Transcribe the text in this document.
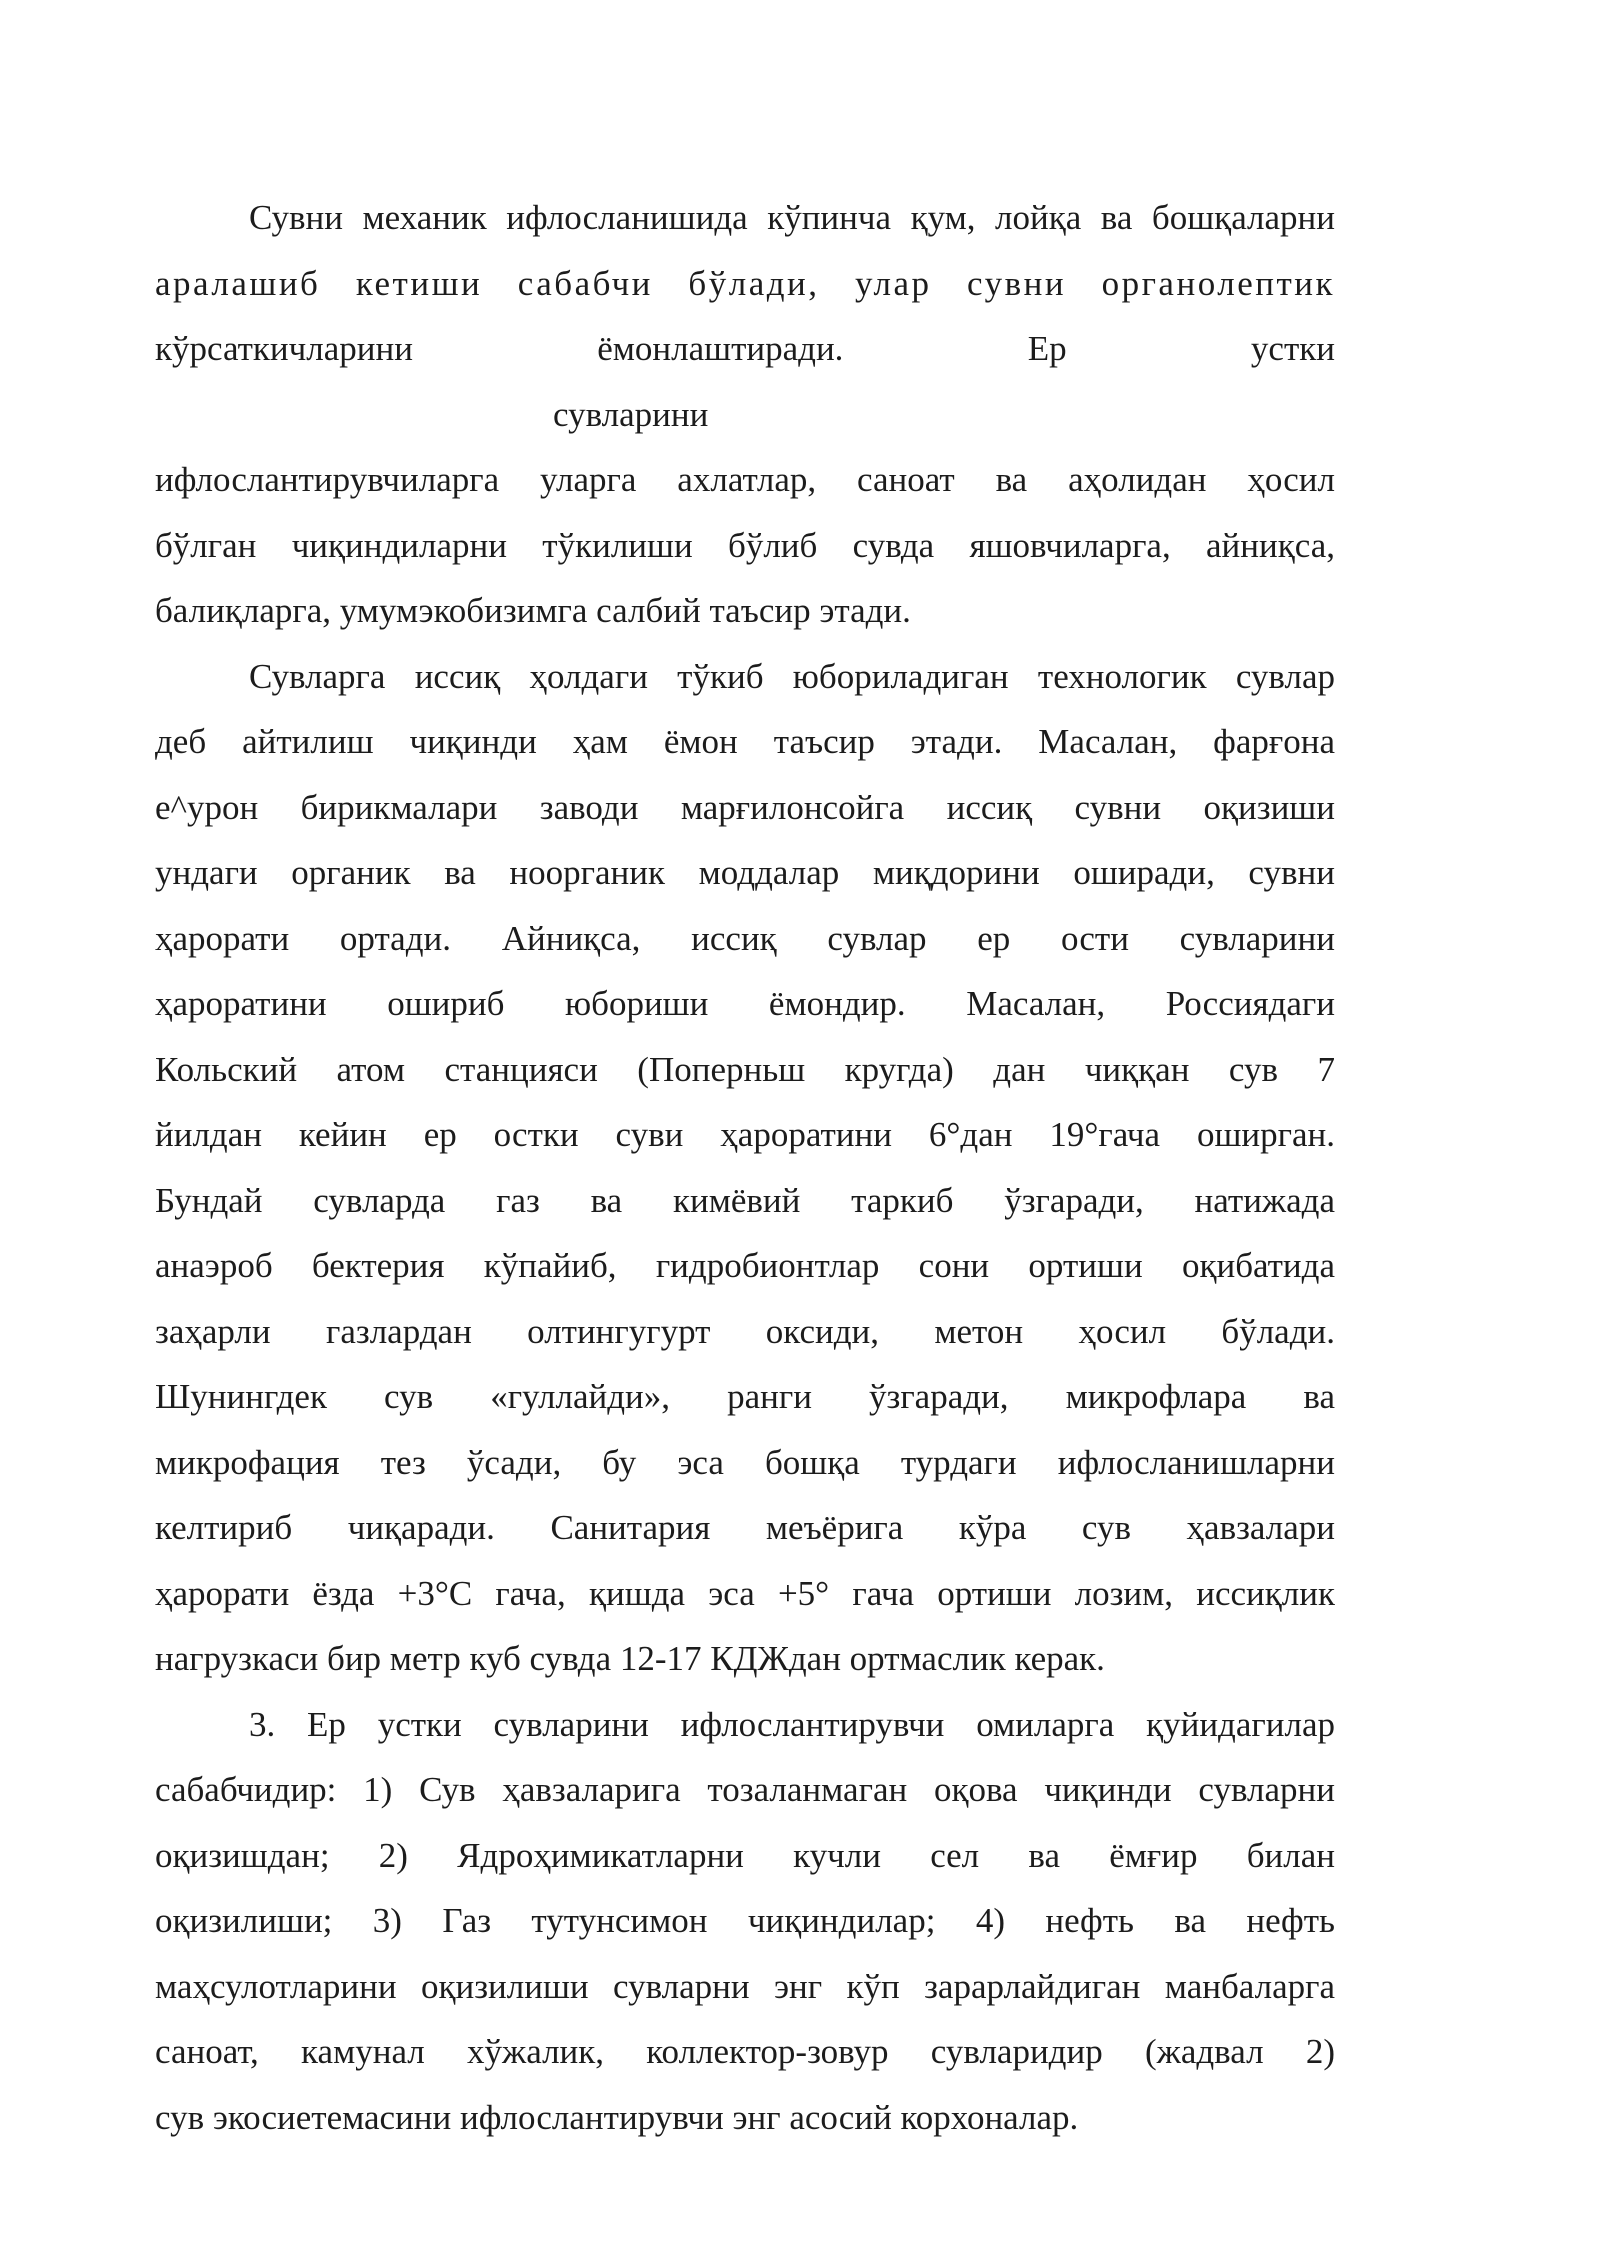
Сувни механик ифлосланишида кўпинча қум, лойқа ва бошқаларни
аралашиб кетиши сабабчи бўлади, улар сувни органолептик
кўрсаткичларини	ёмонлаштиради.	Ер	устки
сувларини
ифлослантирувчиларга уларга ахлатлар, саноат ва аҳолидан ҳосил
бўлган чиқиндиларни тўкилиши бўлиб сувда яшовчиларга, айниқса,
балиқларга, умумэкобизимга салбий таъсир этади.
Сувларга иссиқ ҳолдаги тўкиб юбориладиган технологик сувлар
деб айтилиш чиқинди ҳам ёмон таъсир этади. Масалан, фарғона
е^урон бирикмалари заводи марғилонсойга иссиқ сувни оқизиши
ундаги органик ва ноорганик моддалар миқдорини оширади, сувни
ҳарорати ортади. Айниқса, иссиқ сувлар ер ости сувларини
ҳароратини ошириб юбориши ёмондир. Масалан, Россиядаги
Кольский атом станцияси (Поперньш кругда) дан чиққан сув 7
йилдан кейин ер остки суви ҳароратини 6°дан 19°гача оширган.
Бундай сувларда газ ва кимёвий таркиб ўзгаради, натижада
анаэроб бектерия кўпайиб, гидробионтлар сони ортиши оқибатида
заҳарли газлардан олтингугурт оксиди, метон ҳосил бўлади.
Шунингдек сув «гуллайди», ранги ўзгаради, микрофлара ва
микрофация тез ўсади, бу эса бошқа турдаги ифлосланишларни
келтириб чиқаради. Санитария меъёрига кўра сув ҳавзалари
ҳарорати ёзда +3°С гача, қишда эса +5° гача ортиши лозим, иссиқлик
нагрузкаси бир метр куб сувда 12-17 КДЖдан ортмаслик керак.
3. Ер устки сувларини ифлослантирувчи омиларга қуйидагилар
сабабчидир: 1) Сув ҳавзаларига тозаланмаган оқова чиқинди сувларни
оқизишдан; 2) Ядроҳимикатларни кучли сел ва ёмғир билан
оқизилиши; 3) Газ тутунсимон чиқиндилар; 4) нефть ва нефть
маҳсулотларини оқизилиши сувларни энг кўп зарарлайдиган манбаларга
саноат, камунал хўжалик, коллектор-зовур сувларидир (жадвал 2)
сув экосиетемасини ифлослантирувчи энг асосий корхоналар.
